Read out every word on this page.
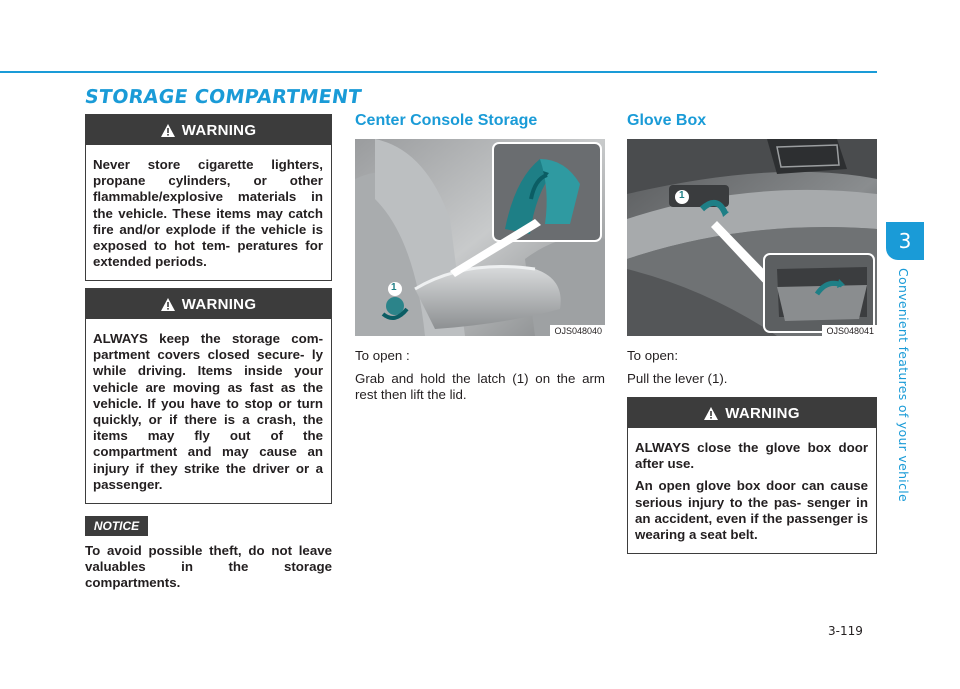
STORAGE COMPARTMENT
WARNING

Never store cigarette lighters, propane cylinders, or other flammable/explosive materials in the vehicle. These items may catch fire and/or explode if the vehicle is exposed to hot tem- peratures for extended periods.

WARNING

ALWAYS keep the storage com- partment covers closed secure- ly while driving. Items inside your vehicle are moving as fast as the vehicle. If you have to stop or turn quickly, or if there is a crash, the items may fly out of the compartment and may cause an injury if they strike the driver or a passenger.

NOTICE
To avoid possible theft, do not leave valuables in the storage compartments.
Center Console Storage
1
OJS048040

To open :

Grab and hold the latch (1) on the arm rest then lift the lid.

Glove Box
1
OJS048041

To open:

Pull the lever (1).

WARNING

ALWAYS close the glove box door after use.

An open glove box door can cause serious injury to the pas- senger in an accident, even if the passenger is wearing a seat belt.

3
Convenient features of your vehicle
3-119
